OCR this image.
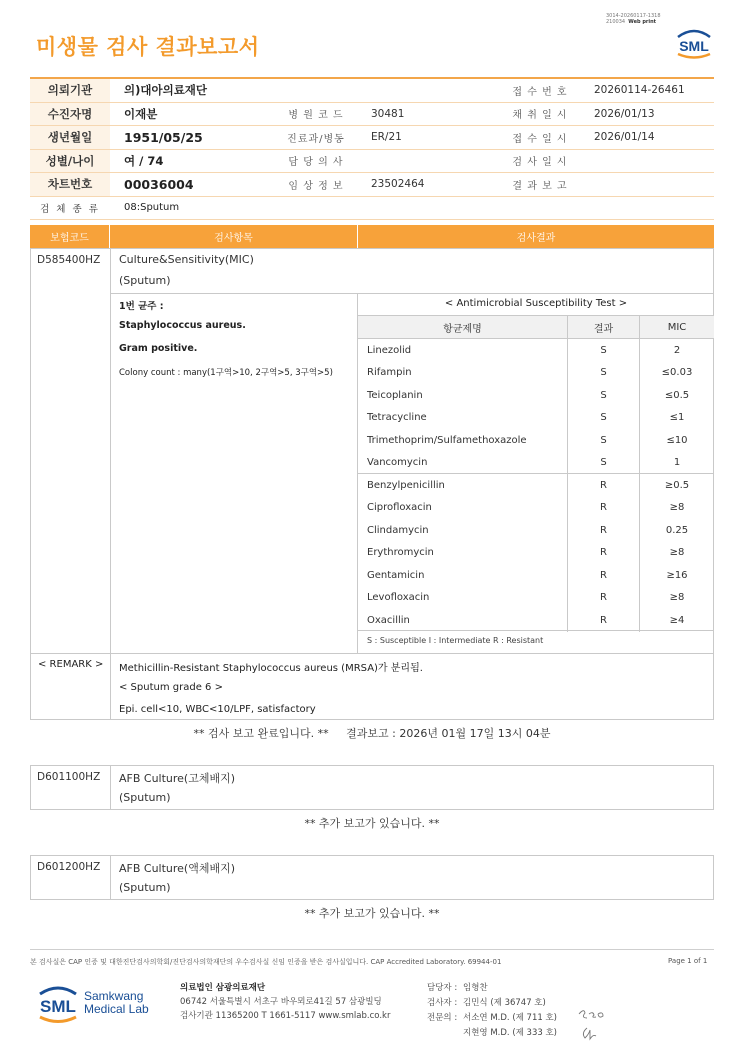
미생물 검사 결과보고서
3014-20260117-1318
210034 Web print
SML
의뢰기관	의)대아의료재단	접 수 번 호	20260114-26461
수진자명	이재분	병 원 코 드	30481	채 취 일 시	2026/01/13
생년월일	1951/05/25	진료과/병동	ER/21	접 수 일 시	2026/01/14
성별/나이	여 / 74	담 당 의 사	검 사 일 시
차트번호	00036004	임 상 정 보	23502464	결 과 보 고
검 체 종 류	08:Sputum
보험코드	검사항목	검사결과
D585400HZ Culture&Sensitivity(MIC)
(Sputum)
1번 균주 :
Staphylococcus aureus.
Gram positive.
Colony count : many(1구역>10, 2구역>5, 3구역>5)
< Antimicrobial Susceptibility Test >
항균제명	결과	MIC
Linezolid	S	2
Rifampin	S	≤0.03
Teicoplanin	S	≤0.5
Tetracycline	S	≤1
Trimethoprim/Sulfamethoxazole	S	≤10
Vancomycin	S	1
Benzylpenicillin	R	≥0.5
Ciprofloxacin	R	≥8
Clindamycin	R	0.25
Erythromycin	R	≥8
Gentamicin	R	≥16
Levofloxacin	R	≥8
Oxacillin	R	≥4
S : Susceptible I : Intermediate R : Resistant
< REMARK > Methicillin-Resistant Staphylococcus aureus (MRSA)가 분리됨.
< Sputum grade 6 >
Epi. cell<10, WBC<10/LPF, satisfactory
** 검사 보고 완료입니다. **     결과보고 : 2026년 01월 17일 13시 04분
D601100HZ AFB Culture(고체배지)
(Sputum)
** 추가 보고가 있습니다. **
D601200HZ AFB Culture(액체배지)
(Sputum)
** 추가 보고가 있습니다. **
본 검사실은 CAP 인증 및 대한진단검사의학회/진단검사의학재단의 우수검사실 신임 인증을 받은 검사실입니다. CAP Accredited Laboratory. 69944-01	Page 1 of 1
SML
Samkwang
Medical Lab
의료법인 삼광의료재단
06742 서울특별시 서초구 바우뫼로41길 57 삼광빌딩
검사기관 11365200 T 1661-5117 www.smlab.co.kr
담당자 : 임형찬
검사자 : 김민식 (제 36747 호)
전문의 : 서소연 M.D. (제 711 호)
지현영 M.D. (제 333 호)
